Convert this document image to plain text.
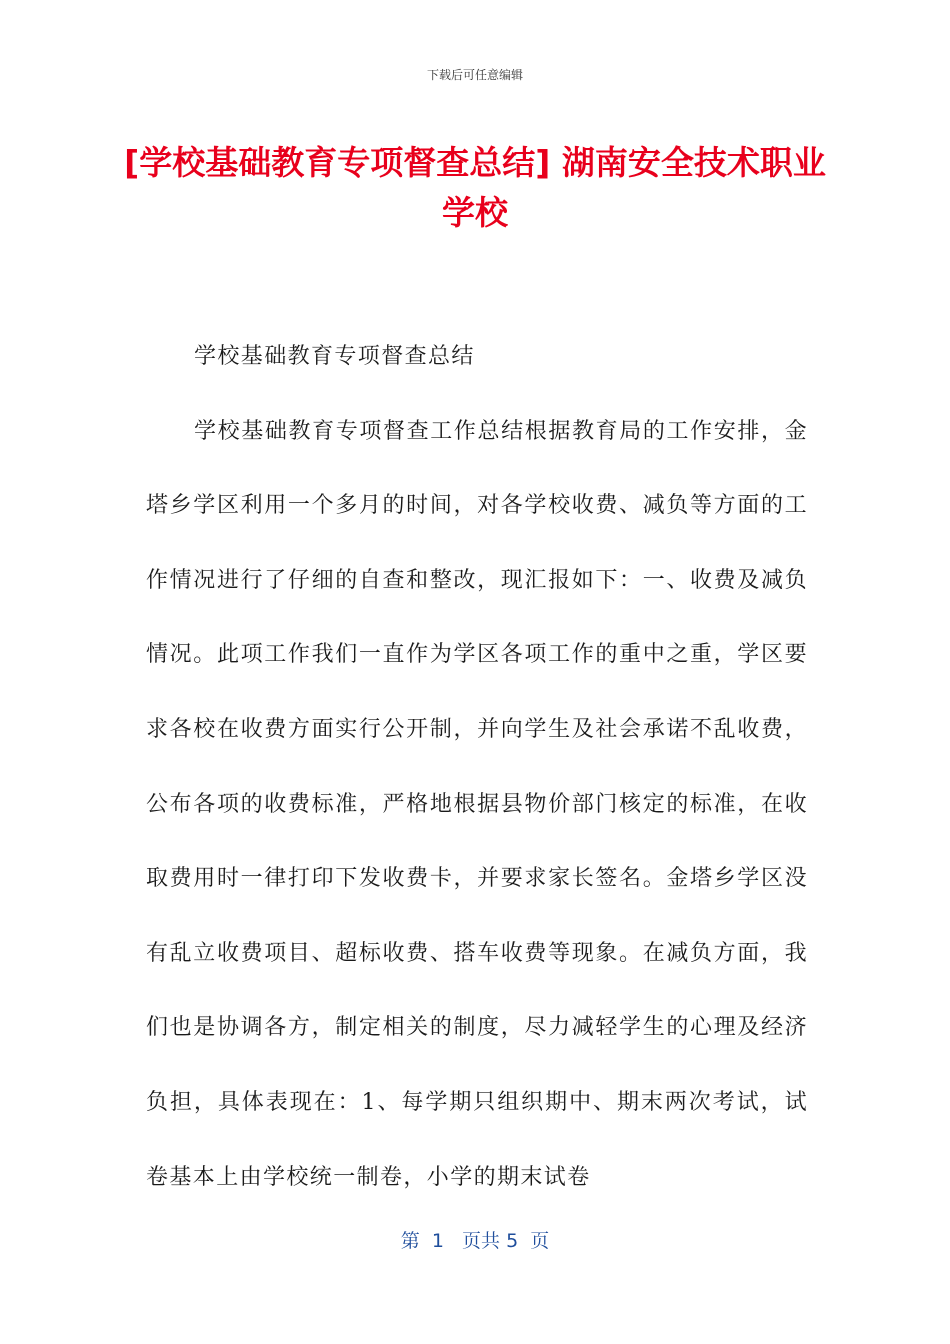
下载后可任意编辑
[学校基础教育专项督查总结] 湖南安全技术职业学校

学校基础教育专项督查总结

学校基础教育专项督查工作总结根据教育局的工作安排，金塔乡学区利用一个多月的时间，对各学校收费、减负等方面的工作情况进行了仔细的自查和整改，现汇报如下：一、收费及减负情况。此项工作我们一直作为学区各项工作的重中之重，学区要求各校在收费方面实行公开制，并向学生及社会承诺不乱收费，公布各项的收费标准，严格地根据县物价部门核定的标准，在收取费用时一律打印下发收费卡，并要求家长签名。金塔乡学区没有乱立收费项目、超标收费、搭车收费等现象。在减负方面，我们也是协调各方，制定相关的制度，尽力减轻学生的心理及经济负担，具体表现在：1、每学期只组织期中、期末两次考试，试卷基本上由学校统一制卷，小学的期末试卷

第  1   页共 5  页
